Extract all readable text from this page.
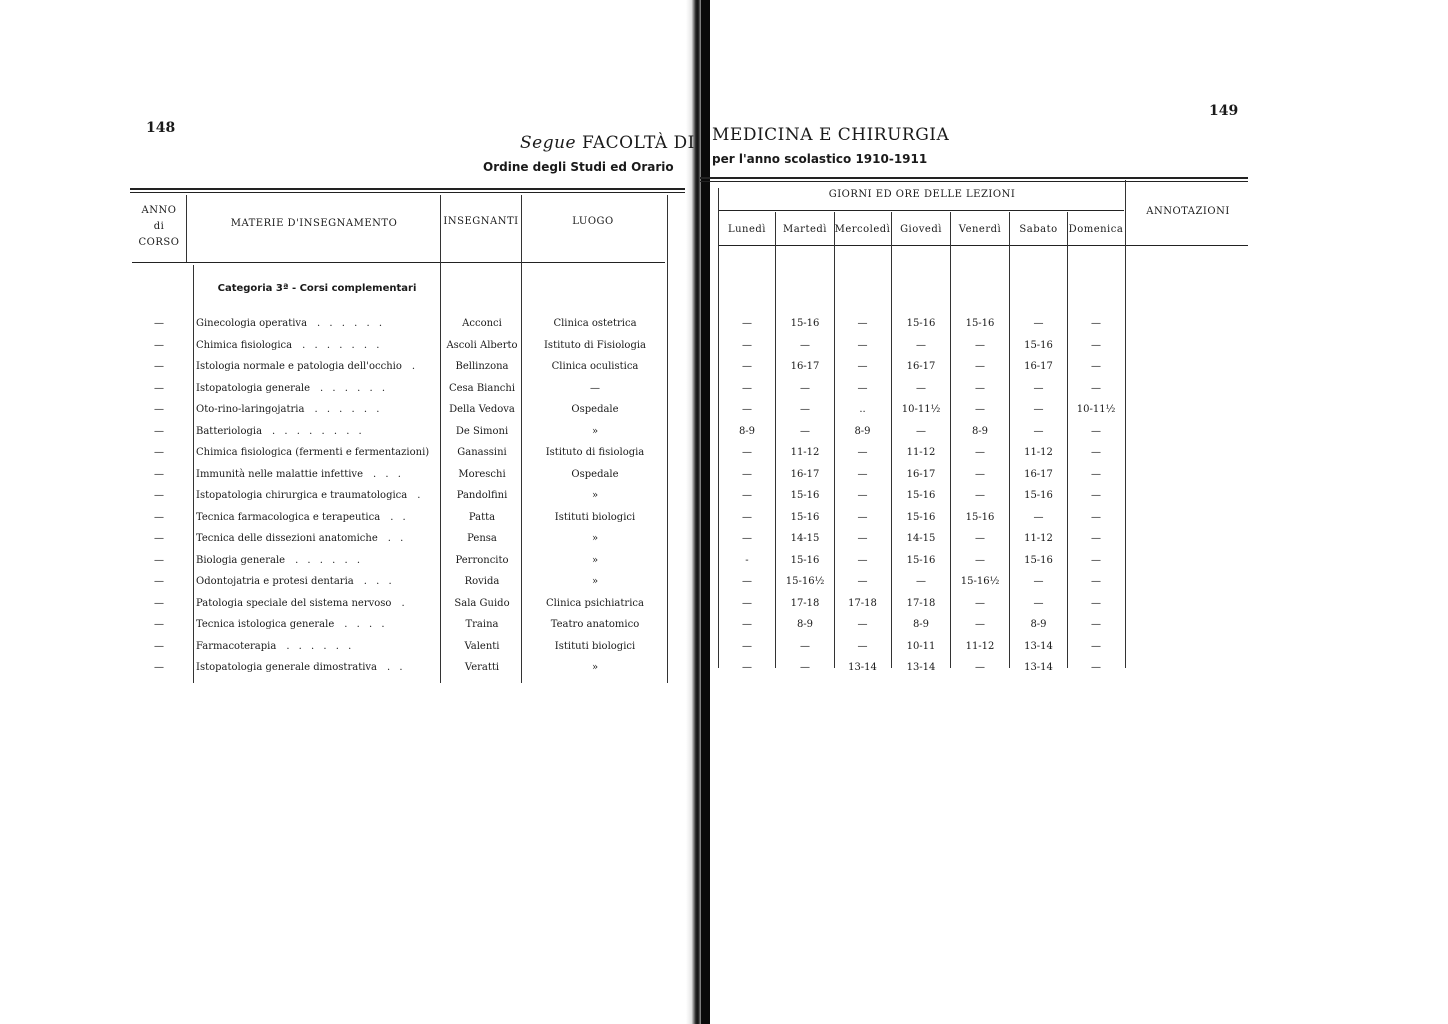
148
Segue FACOLTÀ DI
Ordine degli Studi ed Orario
149
MEDICINA E CHIRURGIA
per l'anno scolastico 1910-1911
ANNO
di
CORSO
MATERIE D'INSEGNAMENTO	INSEGNANTI	LUOGO
GIORNI ED ORE DELLE LEZIONI
ANNOTAZIONI
Lunedì	Martedì Mercoledì Giovedì	Venerdì	Sabato	Domenica
Categoria 3ª - Corsi complementari
—	Ginecologia operativa . . . . . .	Acconci	Clinica ostetrica	—	15-16	—	15-16	15-16	—	—
—	Chimica fisiologica . . . . . . .	Ascoli Alberto	Istituto di Fisiologia	—	—	—	—	—	15-16	—
—	Istologia normale e patologia dell'occhio .	Bellinzona	Clinica oculistica	—	16-17	—	16-17	—	16-17	—
—	Istopatologia generale . . . . . .	Cesa Bianchi	—	—	—	—	—	—	—	—
—	Oto-rino-laringojatria . . . . . .	Della Vedova	Ospedale	—	—	..	10-11½	—	—	10-11½
—	Batteriologia . . . . . . . .	De Simoni	»	8-9	—	8-9	—	8-9	—	—
—	Chimica fisiologica (fermenti e fermentazioni)	Ganassini	Istituto di fisiologia	—	11-12	—	11-12	—	11-12	—
—	Immunità nelle malattie infettive . . .	Moreschi	Ospedale	—	16-17	—	16-17	—	16-17	—
—	Istopatologia chirurgica e traumatologica .	Pandolfini	»	—	15-16	—	15-16	—	15-16	—
—	Tecnica farmacologica e terapeutica . .	Patta	Istituti biologici	—	15-16	—	15-16	15-16	—	—
—	Tecnica delle dissezioni anatomiche . .	Pensa	»	—	14-15	—	14-15	—	11-12	—
—	Biologia generale . . . . . .	Perroncito	»	-	15-16	—	15-16	—	15-16	—
—	Odontojatria e protesi dentaria . . .	Rovida	»	—	15-16½	—	—	15-16½	—	—
—	Patologia speciale del sistema nervoso .	Sala Guido	Clinica psichiatrica	—	17-18	17-18	17-18	—	—	—
—	Tecnica istologica generale . . . .	Traina	Teatro anatomico	—	8-9	—	8-9	—	8-9	—
—	Farmacoterapia . . . . . .	Valenti	Istituti biologici	—	—	—	10-11	11-12	13-14	—
—	Istopatologia generale dimostrativa . .	Veratti	»	—	—	13-14	13-14	—	13-14	—
